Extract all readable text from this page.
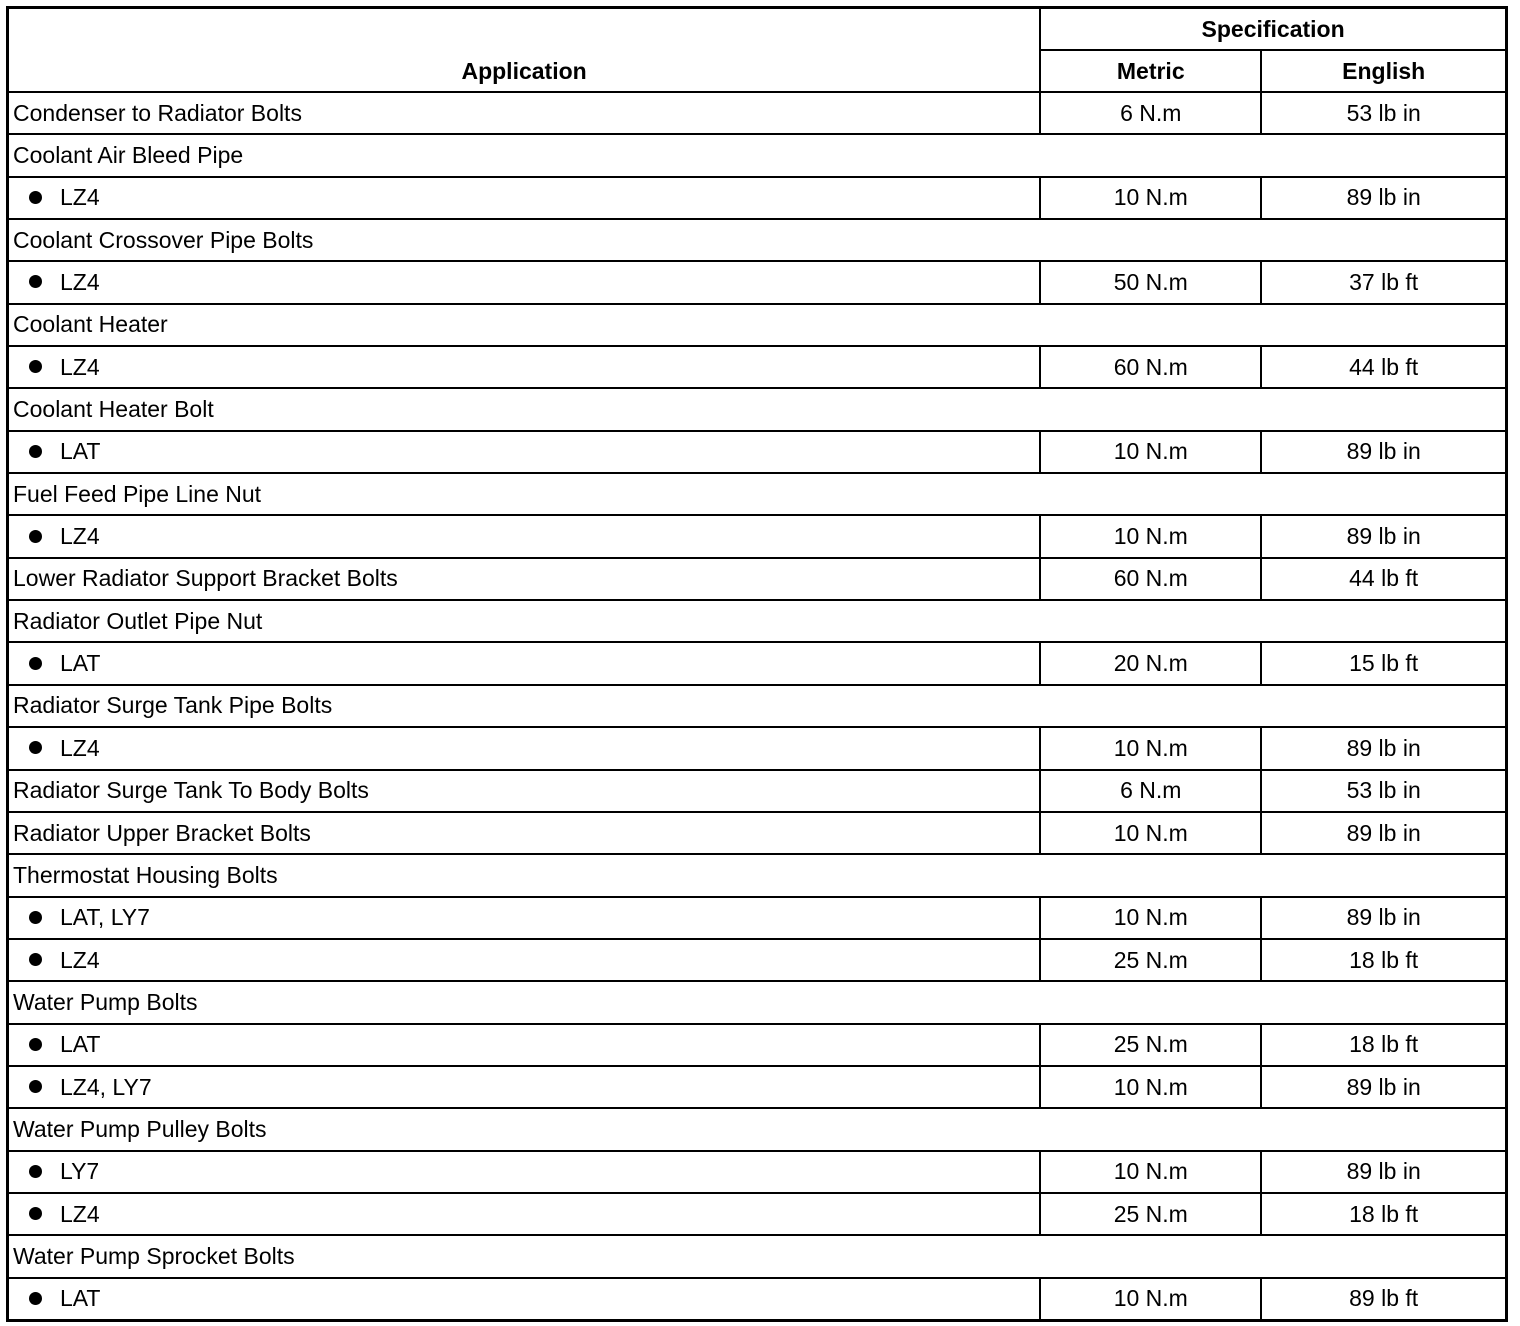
Application	Specification	
	Metric	English
Condenser to Radiator Bolts	6 N.m	53 lb in
Coolant Air Bleed Pipe		
LZ4	10 N.m	89 lb in
Coolant Crossover Pipe Bolts		
LZ4	50 N.m	37 lb ft
Coolant Heater		
LZ4	60 N.m	44 lb ft
Coolant Heater Bolt		
LAT	10 N.m	89 lb in
Fuel Feed Pipe Line Nut		
LZ4	10 N.m	89 lb in
Lower Radiator Support Bracket Bolts	60 N.m	44 lb ft
Radiator Outlet Pipe Nut		
LAT	20 N.m	15 lb ft
Radiator Surge Tank Pipe Bolts		
LZ4	10 N.m	89 lb in
Radiator Surge Tank To Body Bolts	6 N.m	53 lb in
Radiator Upper Bracket Bolts	10 N.m	89 lb in
Thermostat Housing Bolts		
LAT, LY7	10 N.m	89 lb in
LZ4	25 N.m	18 lb ft
Water Pump Bolts		
LAT	25 N.m	18 lb ft
LZ4, LY7	10 N.m	89 lb in
Water Pump Pulley Bolts		
LY7	10 N.m	89 lb in
LZ4	25 N.m	18 lb ft
Water Pump Sprocket Bolts		
LAT	10 N.m	89 lb ft
